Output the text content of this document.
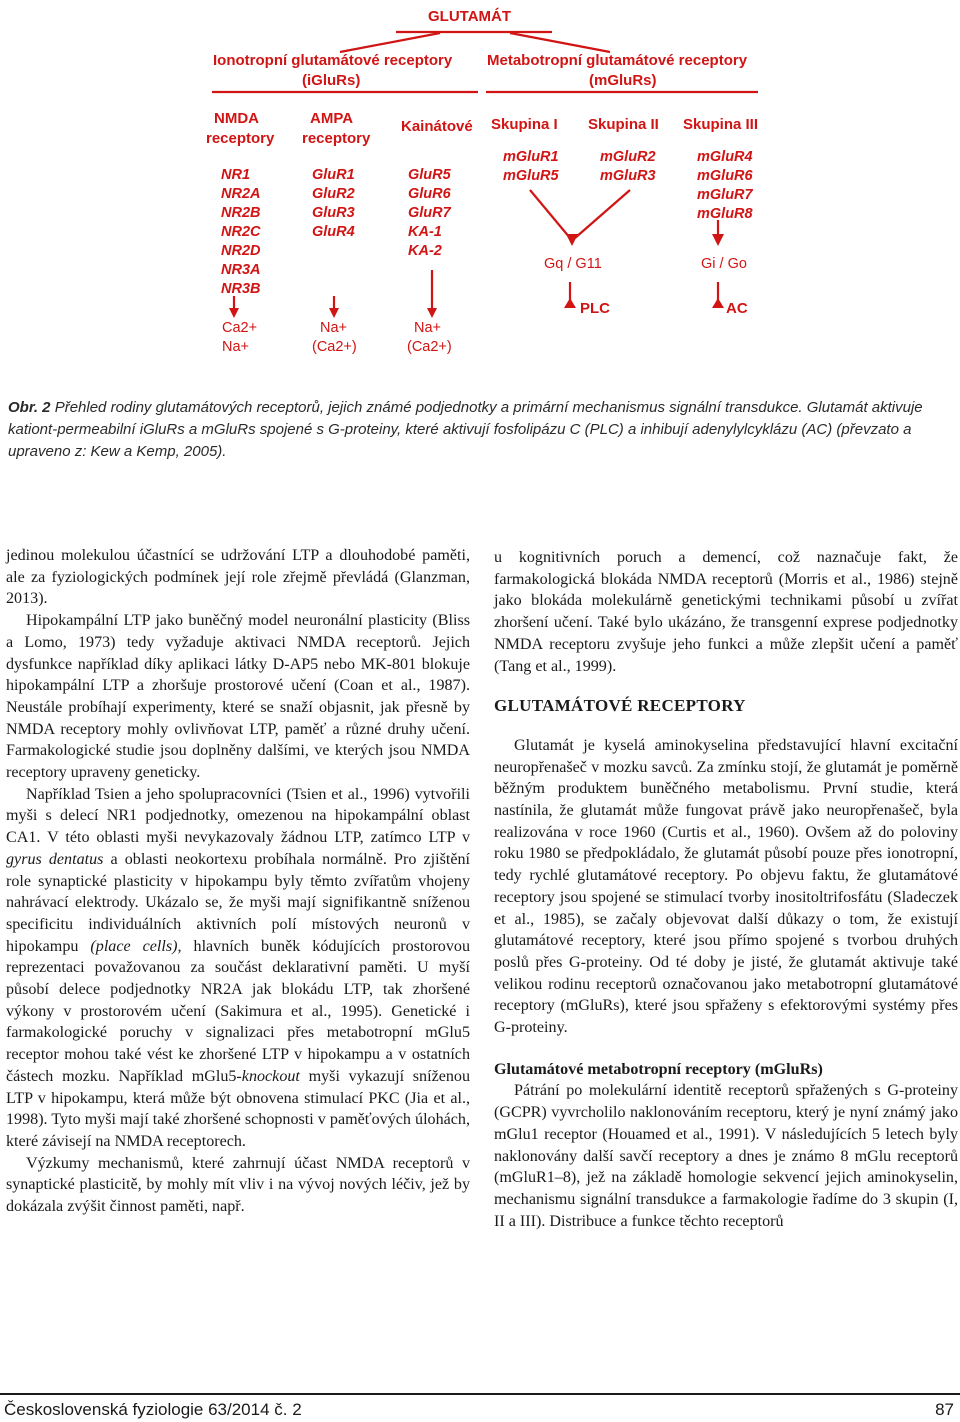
GLUTAMÁT
Ionotropní glutamátové receptory
(iGluRs)
Metabotropní glutamátové receptory
(mGluRs)
NMDA
receptory
AMPA
receptory
Kainátové
NR1
NR2A
NR2B
NR2C
NR2D
NR3A
NR3B
GluR1
GluR2
GluR3
GluR4
GluR5
GluR6
GluR7
KA-1
KA-2
Ca2+
Na+
Na+
(Ca2+)
Na+
(Ca2+)
Skupina I Skupina II Skupina III
mGluR1
mGluR5
mGluR2
mGluR3
mGluR4
mGluR6
mGluR7
mGluR8
Gq / G11	Gi / Go
PLC	AC
Obr. 2 Přehled rodiny glutamátových receptorů, jejich známé podjednotky a primární mechanismus signální transdukce. Glutamát aktivuje kationt-permeabilní iGluRs a mGluRs spojené s G-proteiny, které aktivují fosfolipázu C (PLC) a inhibují adenylylcyklázu (AC) (převzato a upraveno z: Kew a Kemp, 2005).

jedinou molekulou účastnící se udržování LTP a dlouhodobé paměti, ale za fyziologických podmínek její role zřejmě převládá (Glanzman, 2013).

Hipokampální LTP jako buněčný model neuronální plasticity (Bliss a Lomo, 1973) tedy vyžaduje aktivaci NMDA receptorů. Jejich dysfunkce například díky aplikaci látky D-AP5 nebo MK-801 blokuje hipokampální LTP a zhoršuje prostorové učení (Coan et al., 1987). Neustále probíhají experimenty, které se snaží objasnit, jak přesně by NMDA receptory mohly ovlivňovat LTP, paměť a různé druhy učení. Farmakologické studie jsou doplněny dalšími, ve kterých jsou NMDA receptory upraveny geneticky.

Například Tsien a jeho spolupracovníci (Tsien et al., 1996) vytvořili myši s delecí NR1 podjednotky, omezenou na hipokampální oblast CA1. V této oblasti myši nevykazovaly žádnou LTP, zatímco LTP v gyrus dentatus a oblasti neokortexu probíhala normálně. Pro zjištění role synaptické plasticity v hipokampu byly těmto zvířatům vhojeny nahrávací elektrody. Ukázalo se, že myši mají signifikantně sníženou specificitu individuálních aktivních polí místových neuronů v hipokampu (place cells), hlavních buněk kódujících prostorovou reprezentaci považovanou za součást deklarativní paměti. U myší působí delece podjednotky NR2A jak blokádu LTP, tak zhoršené výkony v prostorovém učení (Sakimura et al., 1995). Genetické i farmakologické poruchy v signalizaci přes metabotropní mGlu5 receptor mohou také vést ke zhoršené LTP v hipokampu a v ostatních částech mozku. Například mGlu5-knockout myši vykazují sníženou LTP v hipokampu, která může být obnovena stimulací PKC (Jia et al., 1998). Tyto myši mají také zhoršené schopnosti v paměťových úlohách, které závisejí na NMDA receptorech.

Výzkumy mechanismů, které zahrnují účast NMDA receptorů v synaptické plasticitě, by mohly mít vliv i na vývoj nových léčiv, jež by dokázala zvýšit činnost paměti, např.

u kognitivních poruch a demencí, což naznačuje fakt, že farmakologická blokáda NMDA receptorů (Morris et al., 1986) stejně jako blokáda molekulárně genetickými technikami působí u zvířat zhoršení učení. Také bylo ukázáno, že transgenní exprese podjednotky NMDA receptoru zvyšuje jeho funkci a může zlepšit učení a paměť (Tang et al., 1999).

GLUTAMÁTOVÉ RECEPTORY

Glutamát je kyselá aminokyselina představující hlavní excitační neuropřenašeč v mozku savců. Za zmínku stojí, že glutamát je poměrně běžným produktem buněčného metabolismu. První studie, která nastínila, že glutamát může fungovat právě jako neuropřenašeč, byla realizována v roce 1960 (Curtis et al., 1960). Ovšem až do poloviny roku 1980 se předpokládalo, že glutamát působí pouze přes ionotropní, tedy rychlé glutamátové receptory. Po objevu faktu, že glutamátové receptory jsou spojené se stimulací tvorby inositoltrifosfátu (Sladeczek et al., 1985), se začaly objevovat další důkazy o tom, že existují glutamátové receptory, které jsou přímo spojené s tvorbou druhých poslů přes G-proteiny. Od té doby je jisté, že glutamát aktivuje také velikou rodinu receptorů označovanou jako metabotropní glutamátové receptory (mGluRs), které jsou spřaženy s efektorovými systémy přes G-proteiny.

Glutamátové metabotropní receptory (mGluRs)

Pátrání po molekulární identitě receptorů spřažených s G-proteiny (GCPR) vyvrcholilo naklonováním receptoru, který je nyní známý jako mGlu1 receptor (Houamed et al., 1991). V následujících 5 letech byly naklonovány další savčí receptory a dnes je známo 8 mGlu receptorů (mGluR1–8), jež na základě homologie sekvencí jejich aminokyselin, mechanismu signální transdukce a farmakologie řadíme do 3 skupin (I, II a III). Distribuce a funkce těchto receptorů

Československá fyziologie 63/2014 č. 2	87
